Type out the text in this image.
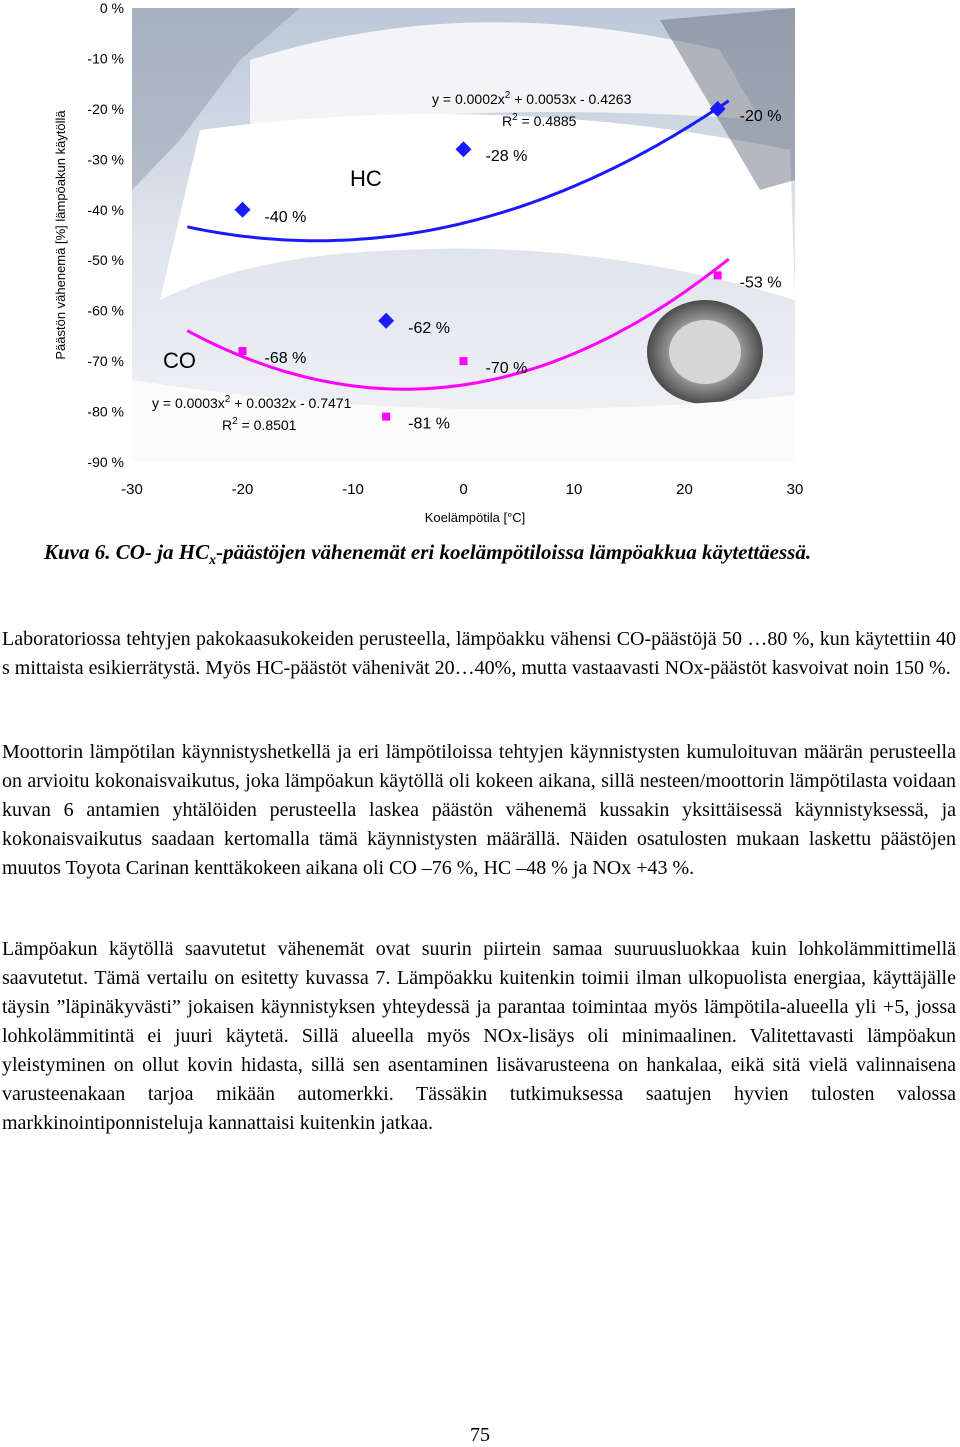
0 %
-10 %
-20 %
-30 %
-40 %
-50 %
-60 %
-70 %
-80 %
-90 %
-30	-20	-10	0	10	20	30
Koelämpötila [°C]
Päästön vähenemä [%] lämpöakun käytöllä	-40 %
-62 %
-28 %
-20 %
-68 %
-81 %
-70 %
-53 %
HC
CO
$y = 0.0002x^2 + 0.0053x - 0.4263$
$R^2 = 0.4885$
$y = 0.0003x^2 + 0.0032x - 0.7471$
$R^2 = 0.8501$
Kuva 6. CO- ja $HC_x$-päästöjen vähenemät eri koelämpötiloissa lämpöakkua käytettäessä.

Laboratoriossa tehtyjen pakokaasukokeiden perusteella, lämpöakku vähensi CO-päästöjä 50 …80 %, kun käytettiin 40 s mittaista esikierrätystä. Myös HC-päästöt vähenivät 20…40%, mutta vastaavasti NOx-päästöt kasvoivat noin 150 %.

Moottorin lämpötilan käynnistyshetkellä ja eri lämpötiloissa tehtyjen käynnistysten kumuloituvan määrän perusteella on arvioitu kokonaisvaikutus, joka lämpöakun käytöllä oli kokeen aikana, sillä nesteen/moottorin lämpötilasta voidaan kuvan 6 antamien yhtälöiden perusteella laskea päästön vähenemä kussakin yksittäisessä käynnistyksessä, ja kokonaisvaikutus saadaan kertomalla tämä käynnistysten määrällä. Näiden osatulosten mukaan laskettu päästöjen muutos Toyota Carinan kenttäkokeen aikana oli CO –76 %, HC –48 % ja NOx +43 %.

Lämpöakun käytöllä saavutetut vähenemät ovat suurin piirtein samaa suuruusluokkaa kuin lohkolämmittimellä saavutetut. Tämä vertailu on esitetty kuvassa 7. Lämpöakku kuitenkin toimii ilman ulkopuolista energiaa, käyttäjälle täysin ”läpinäkyvästi” jokaisen käynnistyksen yhteydessä ja parantaa toimintaa myös lämpötila-alueella yli +5, jossa lohkolämmitintä ei juuri käytetä. Sillä alueella myös NOx-lisäys oli minimaalinen. Valitettavasti lämpöakun yleistyminen on ollut kovin hidasta, sillä sen asentaminen lisävarusteena on hankalaa, eikä sitä vielä valinnaisena varusteenakaan tarjoa mikään automerkki. Tässäkin tutkimuksessa saatujen hyvien tulosten valossa markkinointiponnisteluja kannattaisi kuitenkin jatkaa.

75
